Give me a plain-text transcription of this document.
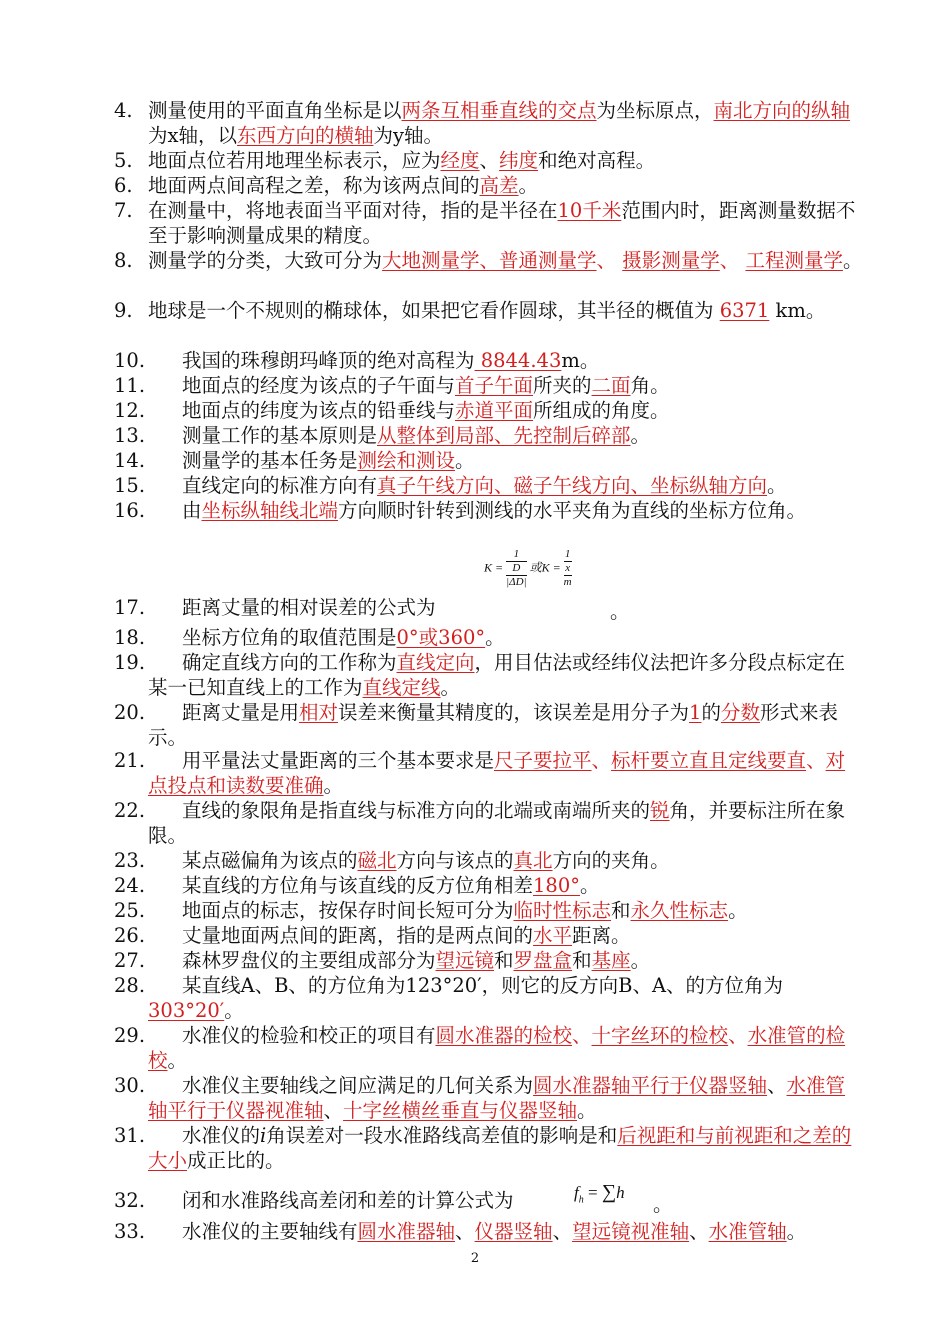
4. 测量使用的平面直角坐标是以两条互相垂直线的交点为坐标原点，南北方向的纵轴为x轴，以东西方向的横轴为y轴。
5. 地面点位若用地理坐标表示，应为经度、纬度和绝对高程。
6. 地面两点间高程之差，称为该两点间的高差。
7. 在测量中，将地表面当平面对待，指的是半径在10千米范围内时，距离测量数据不至于影响测量成果的精度。
8. 测量学的分类，大致可分为大地测量学、普通测量学、 摄影测量学、 工程测量学。
9. 地球是一个不规则的椭球体，如果把它看作圆球，其半径的概值为 6371 km。
10.	我国的珠穆朗玛峰顶的绝对高程为 8844.43m。
11.	地面点的经度为该点的子午面与首子午面所夹的二面角。
12.	地面点的纬度为该点的铅垂线与赤道平面所组成的角度。
13.	测量工作的基本原则是从整体到局部、先控制后碎部。
14.	测量学的基本任务是测绘和测设。
15.	直线定向的标准方向有真子午线方向、磁子午线方向、坐标纵轴方向。
16.	由坐标纵轴线北端方向顺时针转到测线的水平夹角为直线的坐标方位角。
17.	距离丈量的相对误差的公式为
18.	坐标方位角的取值范围是0°或360°。
19.	确定直线方向的工作称为直线定向，用目估法或经纬仪法把许多分段点标定在某一已知直线上的工作为直线定线。
20.	距离丈量是用相对误差来衡量其精度的，该误差是用分子为1的分数形式来表示。
21.	用平量法丈量距离的三个基本要求是尺子要拉平、标杆要立直且定线要直、对点投点和读数要准确。
22.	直线的象限角是指直线与标准方向的北端或南端所夹的锐角，并要标注所在象限。
23.	某点磁偏角为该点的磁北方向与该点的真北方向的夹角。
24.	某直线的方位角与该直线的反方位角相差180°。
25.	地面点的标志，按保存时间长短可分为临时性标志和永久性标志。
26.	丈量地面两点间的距离，指的是两点间的水平距离。
27.	森林罗盘仪的主要组成部分为望远镜和罗盘盒和基座。
28.	某直线A、B、的方位角为123°20′，则它的反方向B、A、的方位角为303°20′。
29.	水准仪的检验和校正的项目有圆水准器的检校、十字丝环的检校、水准管的检校。
30.	水准仪主要轴线之间应满足的几何关系为圆水准器轴平行于仪器竖轴、水准管轴平行于仪器视准轴、十字丝横丝垂直与仪器竖轴。
31.	水准仪的i角误差对一段水准路线高差值的影响是和后视距和与前视距和之差的大小成正比的。
32.	闭和水准路线高差闭和差的计算公式为
33.	水准仪的主要轴线有圆水准器轴、仪器竖轴、望远镜视准轴、水准管轴。
K =
1
D
|ΔD|
或K =
1
x
m
。
$f_h = \sum h$
。
2
